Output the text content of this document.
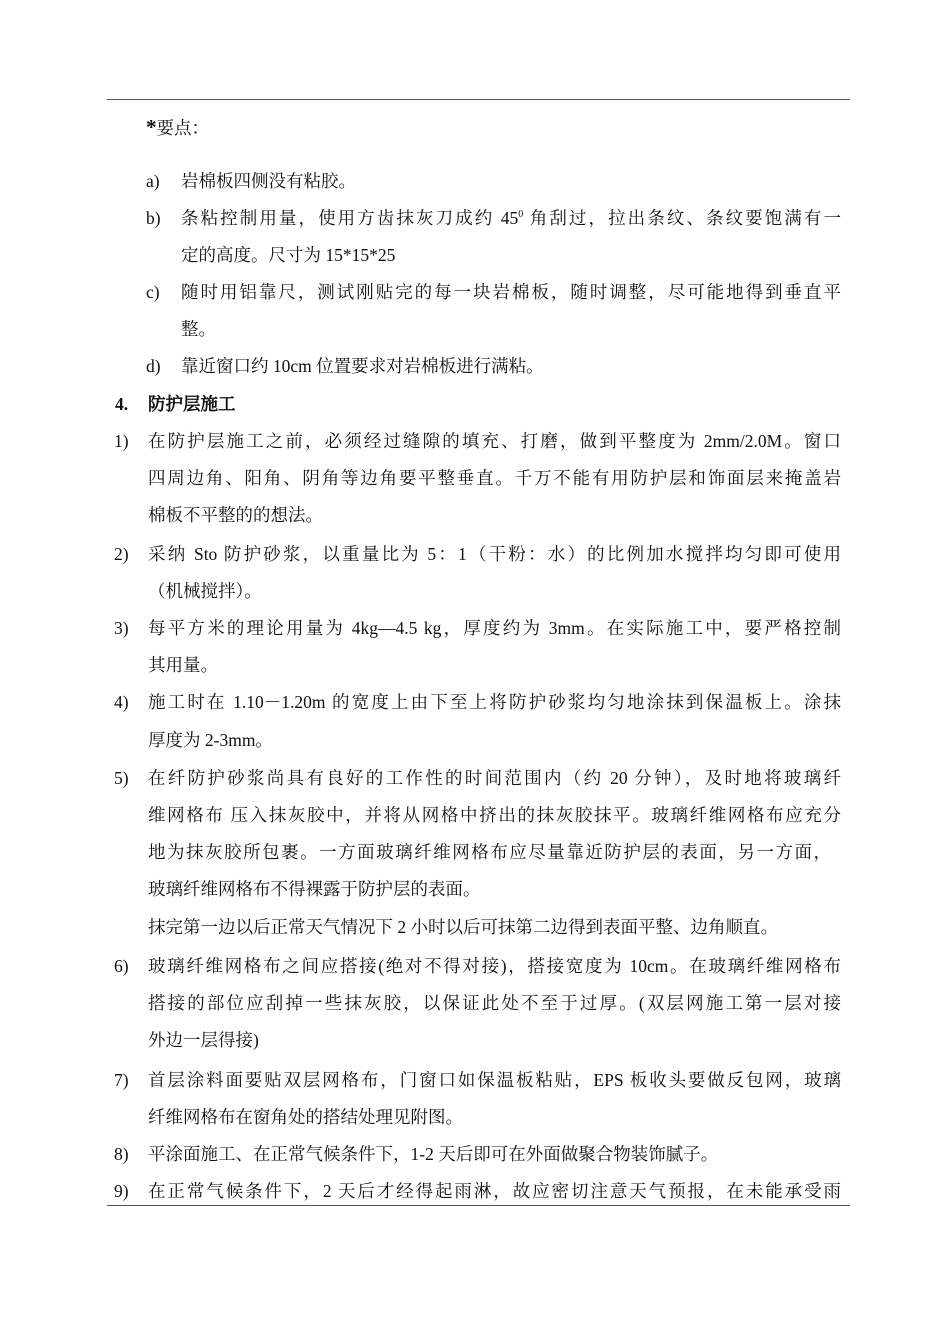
*要点：
a) 岩棉板四侧没有粘胶。
b) 条粘控制用量，使用方齿抹灰刀成约 $45^0$ 角刮过，拉出条纹、条纹要饱满有一
定的高度。尺寸为 15*15*25
c) 随时用铝靠尺，测试刚贴完的每一块岩棉板，随时调整，尽可能地得到垂直平
整。
d) 靠近窗口约 10cm 位置要求对岩棉板进行满粘。
4. 防护层施工
1) 在防护层施工之前，必须经过缝隙的填充、打磨，做到平整度为 2mm/2.0M。窗口
四周边角、阳角、阴角等边角要平整垂直。千万不能有用防护层和饰面层来掩盖岩
棉板不平整的的想法。
2) 采纳 Sto 防护砂浆，以重量比为 5：1（干粉：水）的比例加水搅拌均匀即可使用
（机械搅拌）。
3) 每平方米的理论用量为 4kg—4.5 kg，厚度约为 3mm。在实际施工中，要严格控制
其用量。
4) 施工时在 1.10－1.20m 的宽度上由下至上将防护砂浆均匀地涂抹到保温板上。涂抹
厚度为 2-3mm。
5) 在纤防护砂浆尚具有良好的工作性的时间范围内（约 20 分钟），及时地将玻璃纤
维网格布 压入抹灰胶中，并将从网格中挤出的抹灰胶抹平。玻璃纤维网格布应充分
地为抹灰胶所包裹。一方面玻璃纤维网格布应尽量靠近防护层的表面，另一方面，
玻璃纤维网格布不得裸露于防护层的表面。
抹完第一边以后正常天气情况下 2 小时以后可抹第二边得到表面平整、边角顺直。
6) 玻璃纤维网格布之间应搭接(绝对不得对接)，搭接宽度为 10cm。在玻璃纤维网格布
搭接的部位应刮掉一些抹灰胶，以保证此处不至于过厚。(双层网施工第一层对接
外边一层得接)
7) 首层涂料面要贴双层网格布，门窗口如保温板粘贴，EPS 板收头要做反包网，玻璃
纤维网格布在窗角处的搭结处理见附图。
8) 平涂面施工、在正常气候条件下，1-2 天后即可在外面做聚合物装饰腻子。
9) 在正常气候条件下，2 天后才经得起雨淋，故应密切注意天气预报，在未能承受雨
